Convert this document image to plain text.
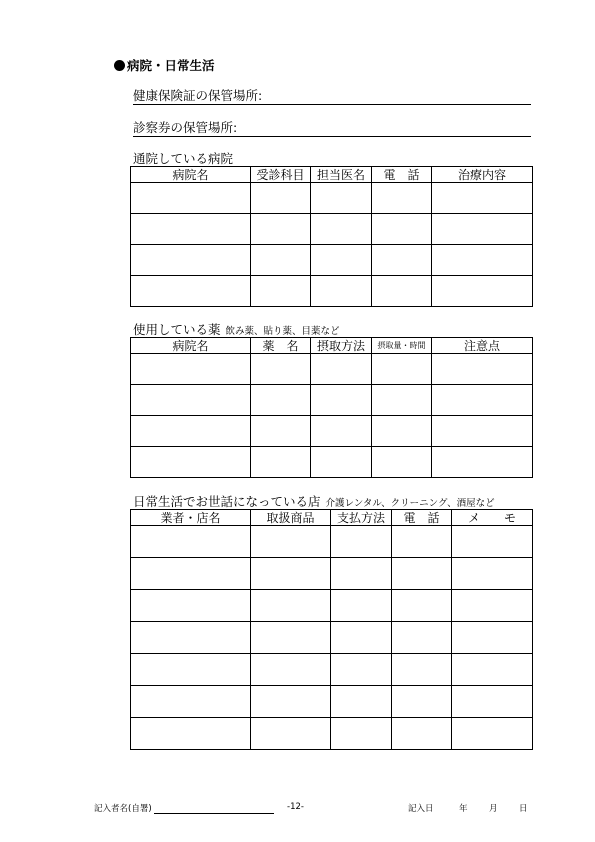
病院・日常生活
健康保険証の保管場所:
診察券の保管場所:
通院している病院
病院名	受診科目	担当医名	電　話	治療内容

使用している薬 飲み薬、貼り薬、目薬など
病院名	薬　名	摂取方法	摂取量・時間	注意点

日常生活でお世話になっている店 介護レンタル、クリーニング、酒屋など
業者・店名	取扱商品	支払方法	電　話	メ　　モ

記入者名(自署)	-12-	記入日	年	月	日
